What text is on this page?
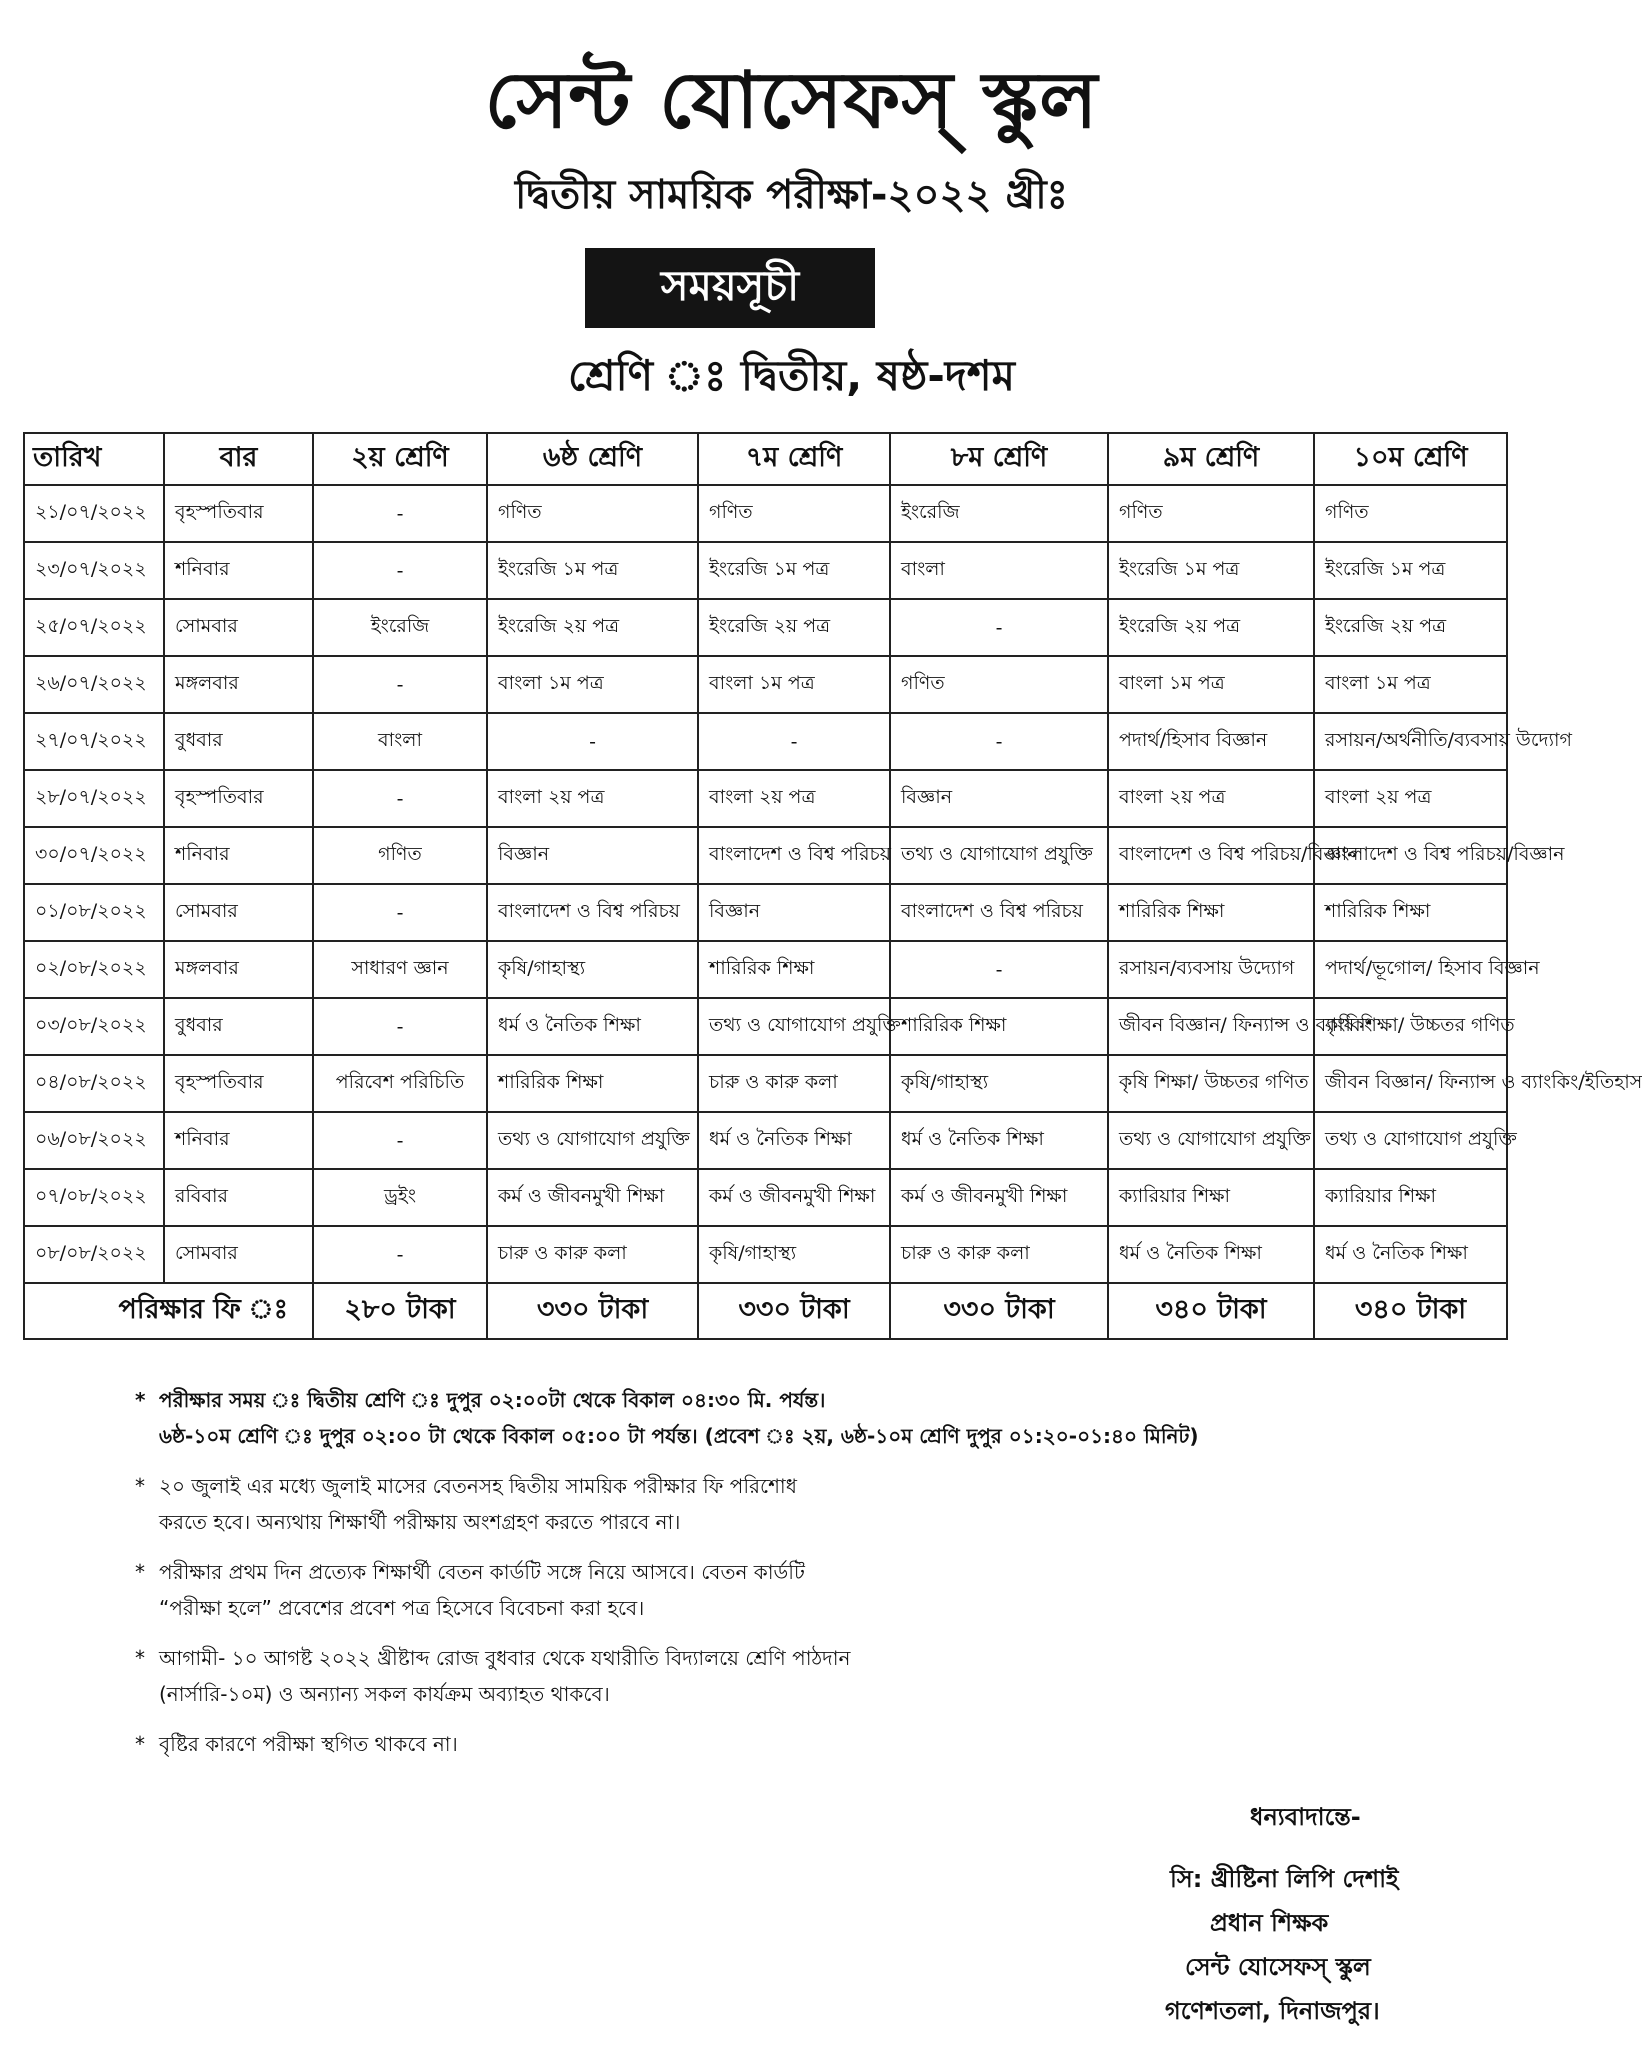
সেন্ট যোসেফস্ স্কুল
দ্বিতীয় সাময়িক পরীক্ষা-২০২২ খ্রীঃ
সময়সূচী
শ্রেণি ঃ দ্বিতীয়, ষষ্ঠ-দশম
তারিখ	বার	২য় শ্রেণি	৬ষ্ঠ শ্রেণি	৭ম শ্রেণি	৮ম শ্রেণি	৯ম শ্রেণি	১০ম শ্রেণি
২১/০৭/২০২২	বৃহস্পতিবার	-	গণিত	গণিত	ইংরেজি	গণিত	গণিত
২৩/০৭/২০২২	শনিবার	-	ইংরেজি ১ম পত্র	ইংরেজি ১ম পত্র	বাংলা	ইংরেজি ১ম পত্র	ইংরেজি ১ম পত্র
২৫/০৭/২০২২	সোমবার	ইংরেজি	ইংরেজি ২য় পত্র	ইংরেজি ২য় পত্র	-	ইংরেজি ২য় পত্র	ইংরেজি ২য় পত্র
২৬/০৭/২০২২	মঙ্গলবার	-	বাংলা ১ম পত্র	বাংলা ১ম পত্র	গণিত	বাংলা ১ম পত্র	বাংলা ১ম পত্র
২৭/০৭/২০২২	বুধবার	বাংলা	-	-	-	পদার্থ/হিসাব বিজ্ঞান	রসায়ন/অর্থনীতি/ব্যবসায় উদ্যোগ
২৮/০৭/২০২২	বৃহস্পতিবার	-	বাংলা ২য় পত্র	বাংলা ২য় পত্র	বিজ্ঞান	বাংলা ২য় পত্র	বাংলা ২য় পত্র
৩০/০৭/২০২২	শনিবার	গণিত	বিজ্ঞান	বাংলাদেশ ও বিশ্ব পরিচয়	তথ্য ও যোগাযোগ প্রযুক্তি	বাংলাদেশ ও বিশ্ব পরিচয়/বিজ্ঞান	বাংলাদেশ ও বিশ্ব পরিচয়/বিজ্ঞান
০১/০৮/২০২২	সোমবার	-	বাংলাদেশ ও বিশ্ব পরিচয়	বিজ্ঞান	বাংলাদেশ ও বিশ্ব পরিচয়	শারিরিক শিক্ষা	শারিরিক শিক্ষা
০২/০৮/২০২২	মঙ্গলবার	সাধারণ জ্ঞান	কৃষি/গাহাস্থ্য	শারিরিক শিক্ষা	-	রসায়ন/ব্যবসায় উদ্যোগ	পদার্থ/ভূগোল/ হিসাব বিজ্ঞান
০৩/০৮/২০২২	বুধবার	-	ধর্ম ও নৈতিক শিক্ষা	তথ্য ও যোগাযোগ প্রযুক্তি	শারিরিক শিক্ষা	জীবন বিজ্ঞান/ ফিন্যান্স ও ব্যাংকিং	কৃষি শিক্ষা/ উচ্চতর গণিত
০৪/০৮/২০২২	বৃহস্পতিবার	পরিবেশ পরিচিতি	শারিরিক শিক্ষা	চারু ও কারু কলা	কৃষি/গাহাস্থ্য	কৃষি শিক্ষা/ উচ্চতর গণিত	জীবন বিজ্ঞান/ ফিন্যান্স ও ব্যাংকিং/ইতিহাস
০৬/০৮/২০২২	শনিবার	-	তথ্য ও যোগাযোগ প্রযুক্তি	ধর্ম ও নৈতিক শিক্ষা	ধর্ম ও নৈতিক শিক্ষা	তথ্য ও যোগাযোগ প্রযুক্তি	তথ্য ও যোগাযোগ প্রযুক্তি
০৭/০৮/২০২২	রবিবার	ড্রইং	কর্ম ও জীবনমুখী শিক্ষা	কর্ম ও জীবনমুখী শিক্ষা	কর্ম ও জীবনমুখী শিক্ষা	ক্যারিয়ার শিক্ষা	ক্যারিয়ার শিক্ষা
০৮/০৮/২০২২	সোমবার	-	চারু ও কারু কলা	কৃষি/গাহাস্থ্য	চারু ও কারু কলা	ধর্ম ও নৈতিক শিক্ষা	ধর্ম ও নৈতিক শিক্ষা
পরিক্ষার ফি ঃ		২৮০ টাকা	৩৩০ টাকা	৩৩০ টাকা	৩৩০ টাকা	৩৪০ টাকা	৩৪০ টাকা
* পরীক্ষার সময় ঃ দ্বিতীয় শ্রেণি ঃ দুপুর ০২:০০টা থেকে বিকাল ০৪:৩০ মি. পর্যন্ত।
৬ষ্ঠ-১০ম শ্রেণি ঃ দুপুর ০২:০০ টা থেকে বিকাল ০৫:০০ টা পর্যন্ত। (প্রবেশ ঃ ২য়, ৬ষ্ঠ-১০ম শ্রেণি দুপুর ০১:২০-০১:৪০ মিনিট)
* ২০ জুলাই এর মধ্যে জুলাই মাসের বেতনসহ দ্বিতীয় সাময়িক পরীক্ষার ফি পরিশোধ
করতে হবে। অন্যথায় শিক্ষার্থী পরীক্ষায় অংশগ্রহণ করতে পারবে না।
* পরীক্ষার প্রথম দিন প্রত্যেক শিক্ষার্থী বেতন কার্ডটি সঙ্গে নিয়ে আসবে। বেতন কার্ডটি
“পরীক্ষা হলে” প্রবেশের প্রবেশ পত্র হিসেবে বিবেচনা করা হবে।
* আগামী- ১০ আগষ্ট ২০২২ খ্রীষ্টাব্দ রোজ বুধবার থেকে যথারীতি বিদ্যালয়ে শ্রেণি পাঠদান
(নার্সারি-১০ম) ও অন্যান্য সকল কার্যক্রম অব্যাহত থাকবে।
* বৃষ্টির কারণে পরীক্ষা স্থগিত থাকবে না।
ধন্যবাদান্তে-
সি: খ্রীষ্টিনা লিপি দেশাই
প্রধান শিক্ষক
সেন্ট যোসেফস্ স্কুল
গণেশতলা, দিনাজপুর।
